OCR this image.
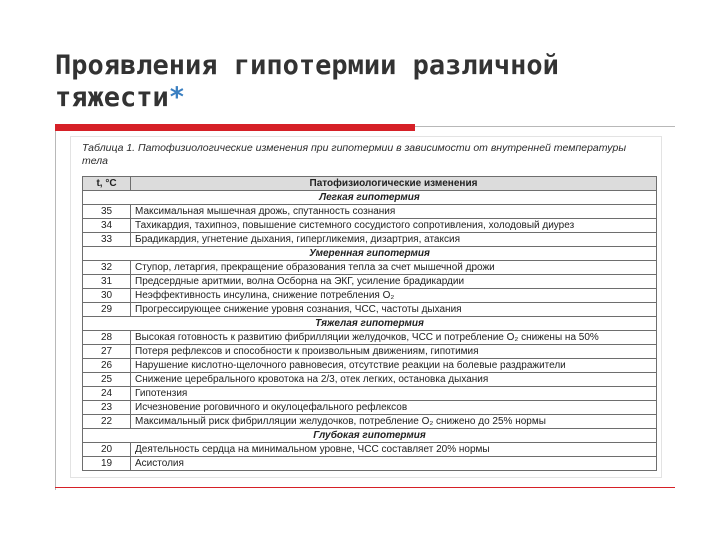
Проявления гипотермии различной тяжести*
Таблица 1. Патофизиологические изменения при гипотермии в зависимости от внутренней температуры тела
t, °C	Патофизиологические изменения
Легкая гипотермия	
35	Максимальная мышечная дрожь, спутанность сознания
34	Тахикардия, тахипноэ, повышение системного сосудистого сопротивления, холодовый диурез
33	Брадикардия, угнетение дыхания, гипергликемия, дизартрия, атаксия
Умеренная гипотермия	
32	Ступор, летаргия, прекращение образования тепла за счет мышечной дрожи
31	Предсердные аритмии, волна Осборна на ЭКГ, усиление брадикардии
30	Неэффективность инсулина, снижение потребления О₂
29	Прогрессирующее снижение уровня сознания, ЧСС, частоты дыхания
Тяжелая гипотермия	
28	Высокая готовность к развитию фибрилляции желудочков, ЧСС и потребление О₂ снижены на 50%
27	Потеря рефлексов и способности к произвольным движениям, гипотимия
26	Нарушение кислотно-щелочного равновесия, отсутствие реакции на болевые раздражители
25	Снижение церебрального кровотока на 2/3, отек легких, остановка дыхания
24	Гипотензия
23	Исчезновение роговичного и окулоцефального рефлексов
22	Максимальный риск фибрилляции желудочков, потребление О₂ снижено до 25% нормы
Глубокая гипотермия	
20	Деятельность сердца на минимальном уровне, ЧСС составляет 20% нормы
19	Асистолия
